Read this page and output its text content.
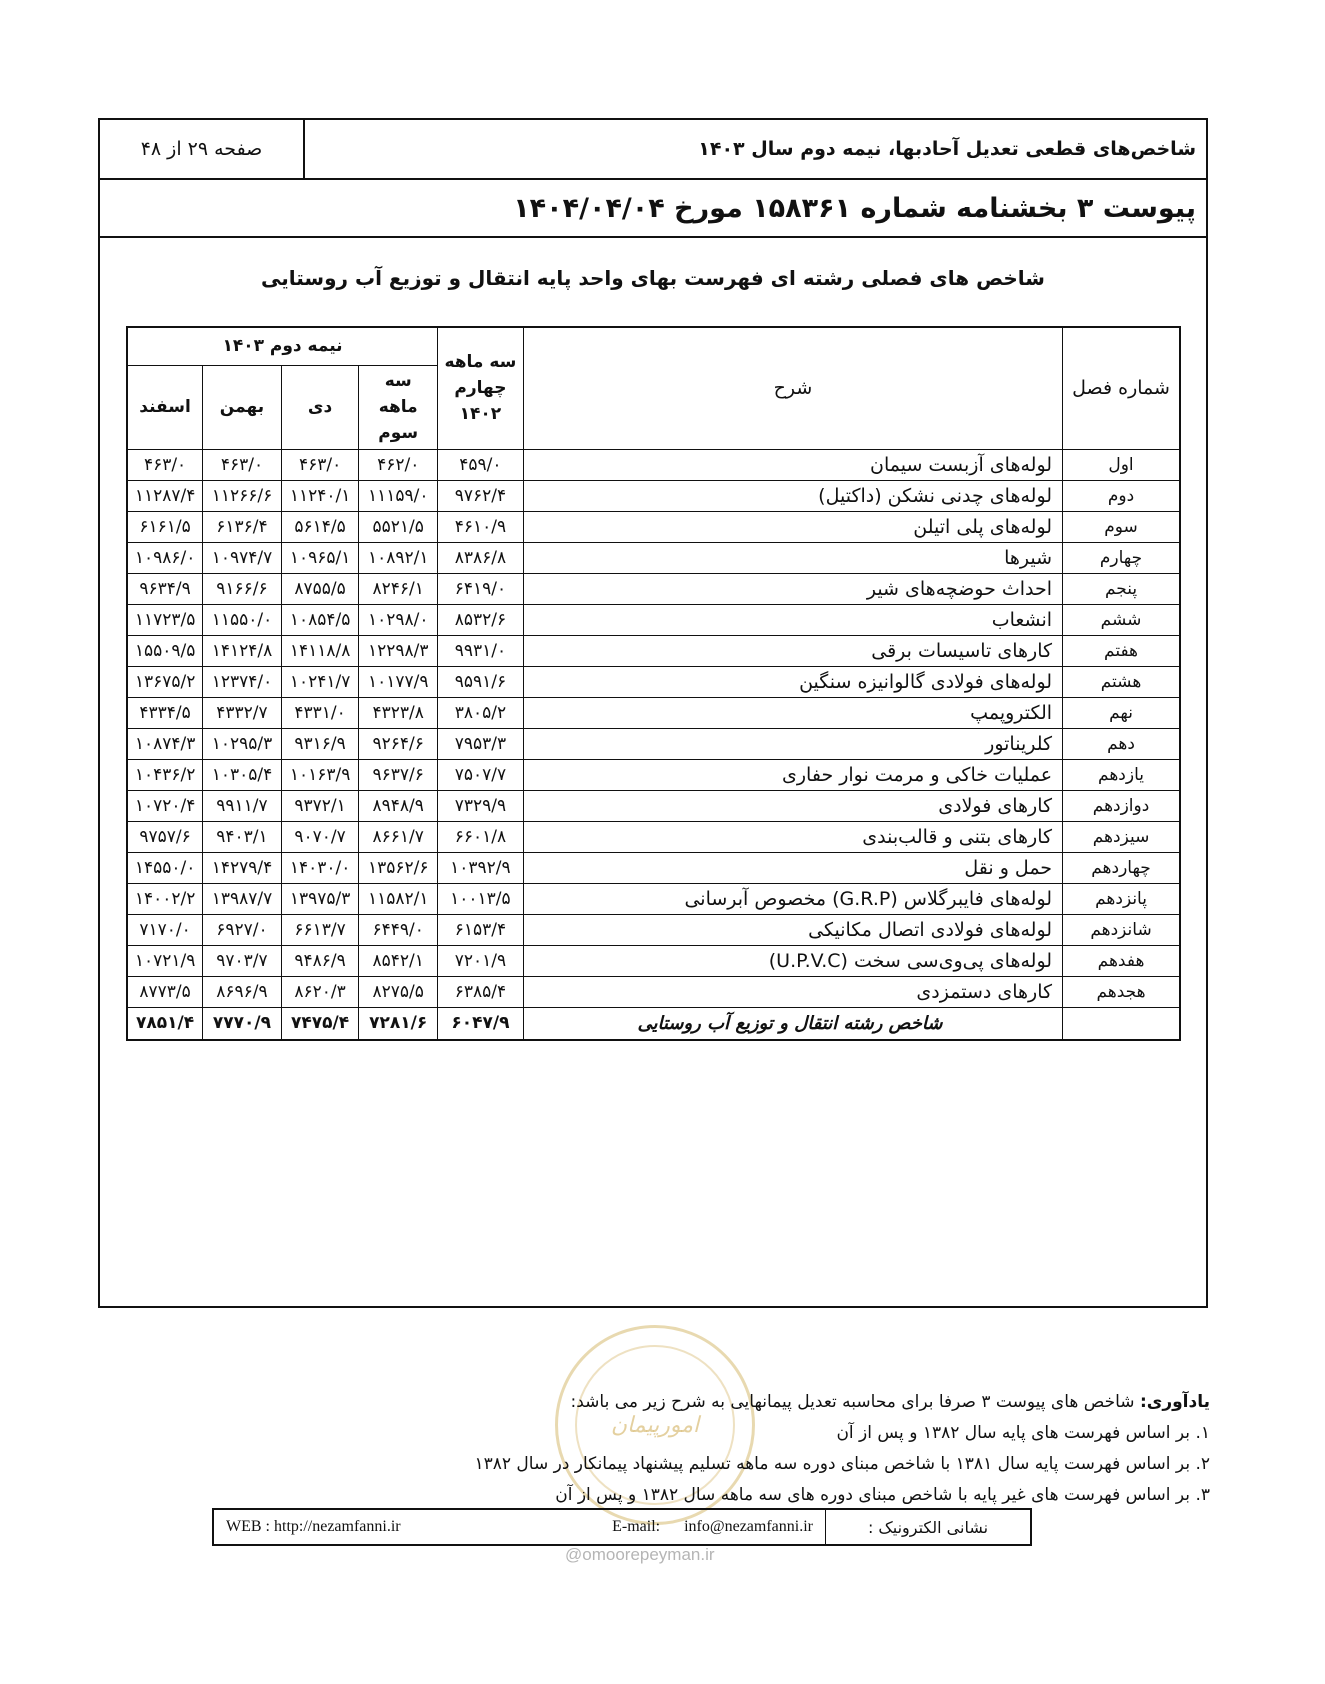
شاخص‌های قطعی تعدیل آحادبها، نیمه دوم سال ۱۴۰۳
صفحه ۲۹ از ۴۸
پیوست ۳ بخشنامه شماره ۱۵۸۳۶۱ مورخ ۱۴۰۴/۰۴/۰۴
شاخص های فصلی رشته ای فهرست بهای واحد پایه انتقال و توزیع آب روستایی
شماره فصل	شرح	سه ماهه چهارم ۱۴۰۲	نیمه دوم ۱۴۰۳			
			سه ماهه سوم	دی	بهمن	اسفند
اول	لوله‌های آزبست سیمان	۴۵۹/۰	۴۶۲/۰	۴۶۳/۰	۴۶۳/۰	۴۶۳/۰
دوم	لوله‌های چدنی نشکن (داکتیل)	۹۷۶۲/۴	۱۱۱۵۹/۰	۱۱۲۴۰/۱	۱۱۲۶۶/۶	۱۱۲۸۷/۴
سوم	لوله‌های پلی اتیلن	۴۶۱۰/۹	۵۵۲۱/۵	۵۶۱۴/۵	۶۱۳۶/۴	۶۱۶۱/۵
چهارم	شیرها	۸۳۸۶/۸	۱۰۸۹۲/۱	۱۰۹۶۵/۱	۱۰۹۷۴/۷	۱۰۹۸۶/۰
پنجم	احداث حوضچه‌های شیر	۶۴۱۹/۰	۸۲۴۶/۱	۸۷۵۵/۵	۹۱۶۶/۶	۹۶۳۴/۹
ششم	انشعاب	۸۵۳۲/۶	۱۰۲۹۸/۰	۱۰۸۵۴/۵	۱۱۵۵۰/۰	۱۱۷۲۳/۵
هفتم	کارهای تاسیسات برقی	۹۹۳۱/۰	۱۲۲۹۸/۳	۱۴۱۱۸/۸	۱۴۱۲۴/۸	۱۵۵۰۹/۵
هشتم	لوله‌های فولادی گالوانیزه سنگین	۹۵۹۱/۶	۱۰۱۷۷/۹	۱۰۲۴۱/۷	۱۲۳۷۴/۰	۱۳۶۷۵/۲
نهم	الکتروپمپ	۳۸۰۵/۲	۴۳۲۳/۸	۴۳۳۱/۰	۴۳۳۲/۷	۴۳۳۴/۵
دهم	کلریناتور	۷۹۵۳/۳	۹۲۶۴/۶	۹۳۱۶/۹	۱۰۲۹۵/۳	۱۰۸۷۴/۳
یازدهم	عملیات خاکی و مرمت نوار حفاری	۷۵۰۷/۷	۹۶۳۷/۶	۱۰۱۶۳/۹	۱۰۳۰۵/۴	۱۰۴۳۶/۲
دوازدهم	کارهای فولادی	۷۳۲۹/۹	۸۹۴۸/۹	۹۳۷۲/۱	۹۹۱۱/۷	۱۰۷۲۰/۴
سیزدهم	کارهای بتنی و قالب‌بندی	۶۶۰۱/۸	۸۶۶۱/۷	۹۰۷۰/۷	۹۴۰۳/۱	۹۷۵۷/۶
چهاردهم	حمل و نقل	۱۰۳۹۲/۹	۱۳۵۶۲/۶	۱۴۰۳۰/۰	۱۴۲۷۹/۴	۱۴۵۵۰/۰
پانزدهم	لوله‌های فایبرگلاس (G.R.P) مخصوص آبرسانی	۱۰۰۱۳/۵	۱۱۵۸۲/۱	۱۳۹۷۵/۳	۱۳۹۸۷/۷	۱۴۰۰۲/۲
شانزدهم	لوله‌های فولادی اتصال مکانیکی	۶۱۵۳/۴	۶۴۴۹/۰	۶۶۱۳/۷	۶۹۲۷/۰	۷۱۷۰/۰
هفدهم	لوله‌های پی‌وی‌سی سخت (U.P.V.C)	۷۲۰۱/۹	۸۵۴۲/۱	۹۴۸۶/۹	۹۷۰۳/۷	۱۰۷۲۱/۹
هجدهم	کارهای دستمزدی	۶۳۸۵/۴	۸۲۷۵/۵	۸۶۲۰/۳	۸۶۹۶/۹	۸۷۷۳/۵
	شاخص رشته انتقال و توزیع آب روستایی	۶۰۴۷/۹	۷۲۸۱/۶	۷۴۷۵/۴	۷۷۷۰/۹	۷۸۵۱/۴
امورپیمان
یادآوری: شاخص های پیوست ۳ صرفا برای محاسبه تعدیل پیمانهایی به شرح زیر می باشد:
۱. بر اساس فهرست های پایه سال ۱۳۸۲ و پس از آن
۲. بر اساس فهرست پایه سال ۱۳۸۱ با شاخص مبنای دوره سه ماهه تسلیم پیشنهاد پیمانکار در سال ۱۳۸۲
۳. بر اساس فهرست های غیر پایه با شاخص مبنای دوره های سه ماهه سال ۱۳۸۲ و پس از آن
نشانی الکترونیک :
WEB : http://nezamfanni.ir	E-mail: info@nezamfanni.ir
@omoorepeyman.ir
